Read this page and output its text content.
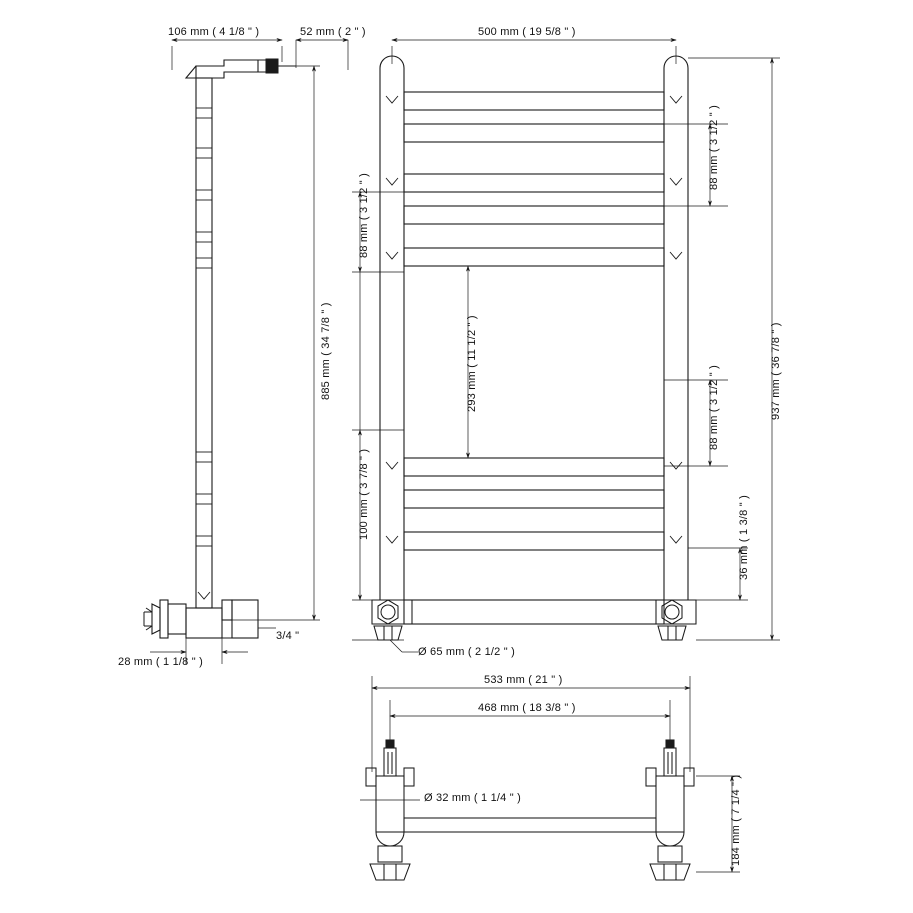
106 mm ( 4 1/8 " )	52 mm ( 2 " )
885 mm ( 34 7/8 " )
28 mm ( 1 1/8 " )
3/4 "
500 mm ( 19 5/8 " )
937 mm ( 36 7/8 " )
88 mm ( 3 1/2 " )
88 mm ( 3 1/2 " )
36 mm ( 1 3/8 " )
88 mm ( 3 1/2 " )
100 mm ( 3 7/8 " )
293 mm ( 11 1/2 " )
Ø 65 mm ( 2 1/2 " )
533 mm ( 21 " )
468 mm ( 18 3/8 " )
Ø 32 mm ( 1 1/4 " )	184 mm ( 7 1/4 " )
